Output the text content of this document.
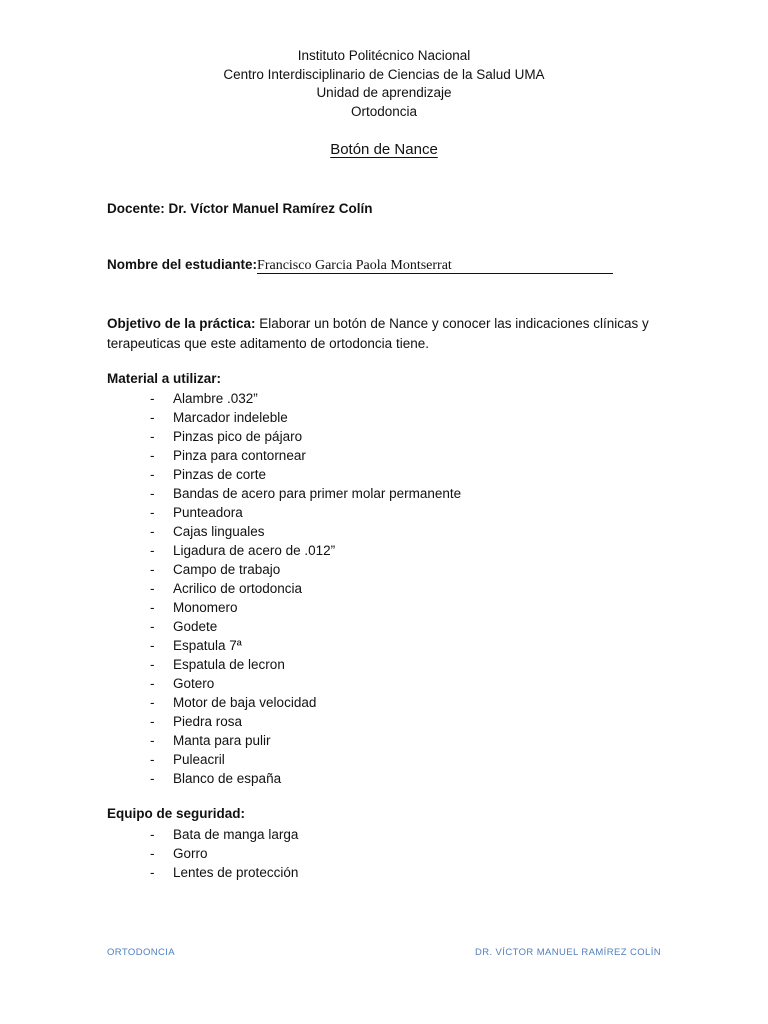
Instituto Politécnico Nacional
Centro Interdisciplinario de Ciencias de la Salud UMA
Unidad de aprendizaje
Ortodoncia
Botón de Nance
Docente: Dr. Víctor Manuel Ramírez Colín
Nombre del estudiante:Francisco Garcia Paola Montserrat
Objetivo de la práctica: Elaborar un botón de Nance y conocer las indicaciones clínicas y terapeuticas que este aditamento de ortodoncia tiene.
Material a utilizar:
- Alambre .032”
- Marcador indeleble
- Pinzas pico de pájaro
- Pinza para contornear
- Pinzas de corte
- Bandas de acero para primer molar permanente
- Punteadora
- Cajas linguales
- Ligadura de acero de .012”
- Campo de trabajo
- Acrilico de ortodoncia
- Monomero
- Godete
- Espatula 7ª
- Espatula de lecron
- Gotero
- Motor de baja velocidad
- Piedra rosa
- Manta para pulir
- Puleacril
- Blanco de españa
Equipo de seguridad:
- Bata de manga larga
- Gorro
- Lentes de protección
ORTODONCIA	DR. VÍCTOR MANUEL RAMÍREZ COLÍN
